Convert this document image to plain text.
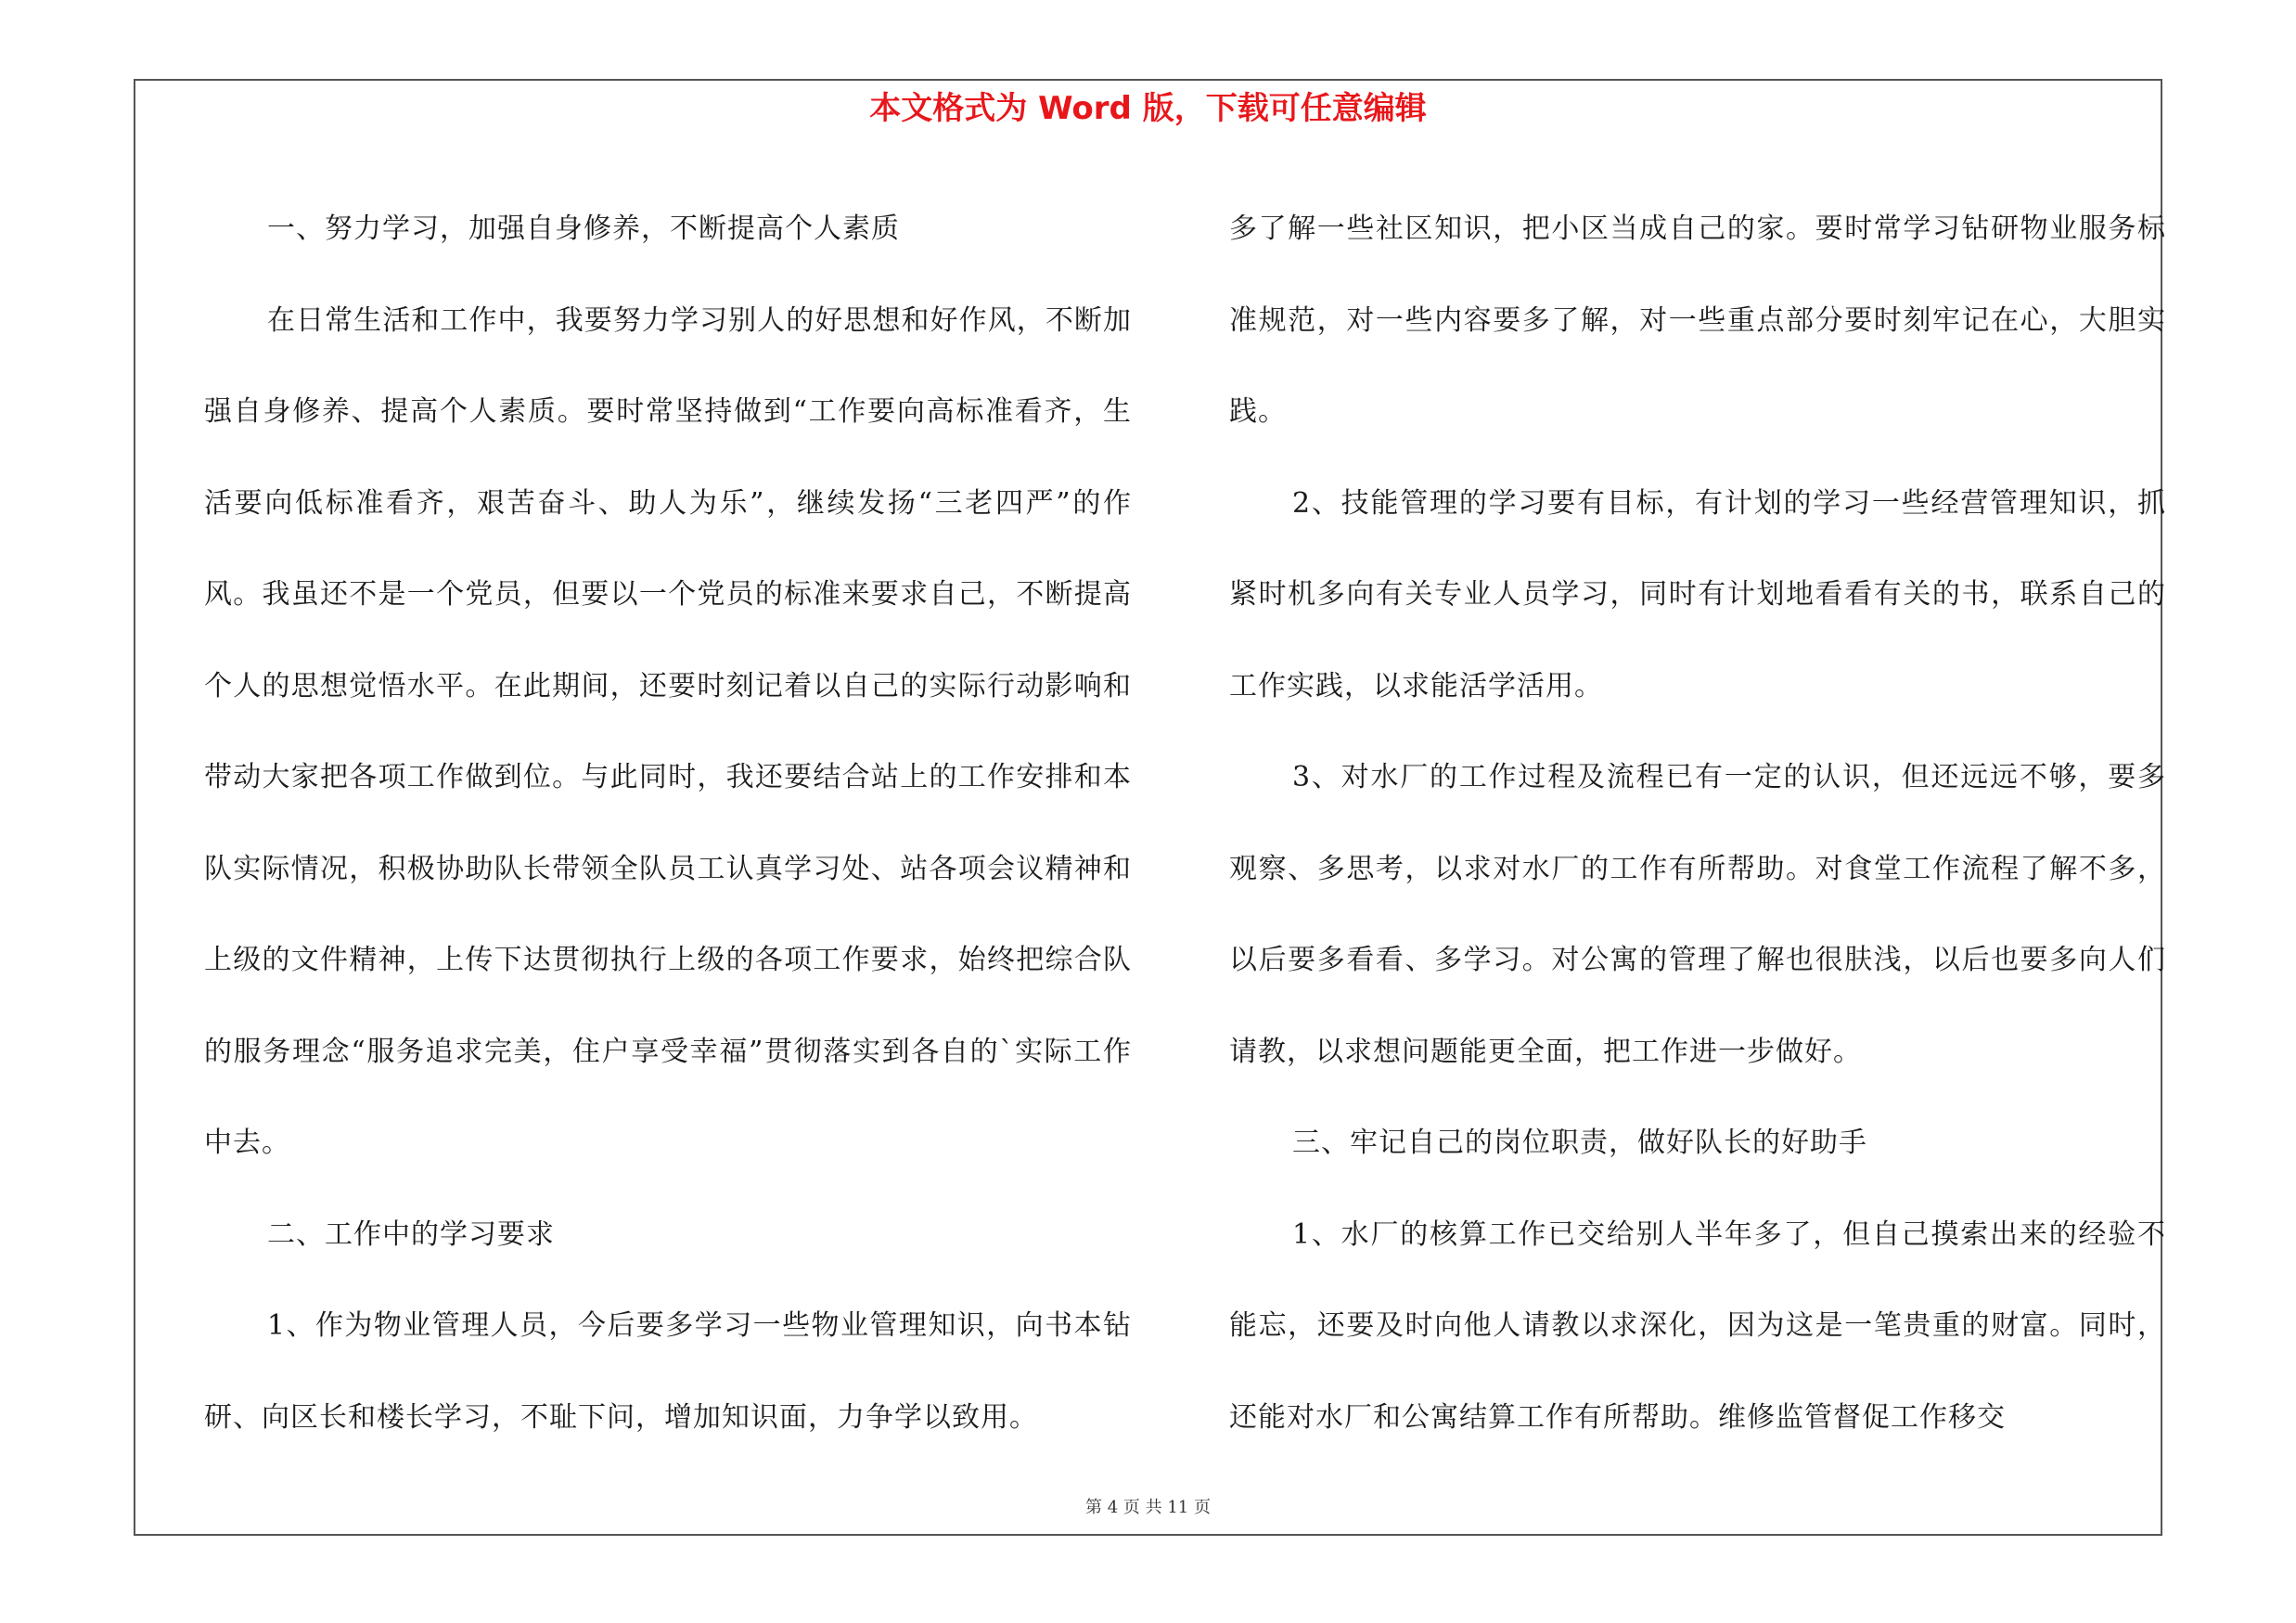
本文格式为 Word 版，下载可任意编辑

一、努力学习，加强自身修养，不断提高个人素质

在日常生活和工作中，我要努力学习别人的好思想和好作风，不断加强自身修养、提高个人素质。要时常坚持做到“工作要向高标准看齐，生活要向低标准看齐，艰苦奋斗、助人为乐”，继续发扬“三老四严”的作风。我虽还不是一个党员，但要以一个党员的标准来要求自己，不断提高个人的思想觉悟水平。在此期间，还要时刻记着以自己的实际行动影响和带动大家把各项工作做到位。与此同时，我还要结合站上的工作安排和本队实际情况，积极协助队长带领全队员工认真学习处、站各项会议精神和上级的文件精神，上传下达贯彻执行上级的各项工作要求，始终把综合队的服务理念“服务追求完美，住户享受幸福”贯彻落实到各自的`实际工作中去。

二、工作中的学习要求

1、作为物业管理人员，今后要多学习一些物业管理知识，向书本钻研、向区长和楼长学习，不耻下问，增加知识面，力争学以致用。

多了解一些社区知识，把小区当成自己的家。要时常学习钻研物业服务标准规范，对一些内容要多了解，对一些重点部分要时刻牢记在心，大胆实践。

2、技能管理的学习要有目标，有计划的学习一些经营管理知识，抓紧时机多向有关专业人员学习，同时有计划地看看有关的书，联系自己的工作实践，以求能活学活用。

3、对水厂的工作过程及流程已有一定的认识，但还远远不够，要多观察、多思考，以求对水厂的工作有所帮助。对食堂工作流程了解不多，以后要多看看、多学习。对公寓的管理了解也很肤浅，以后也要多向人们请教，以求想问题能更全面，把工作进一步做好。

三、牢记自己的岗位职责，做好队长的好助手

1、水厂的核算工作已交给别人半年多了，但自己摸索出来的经验不能忘，还要及时向他人请教以求深化，因为这是一笔贵重的财富。同时，还能对水厂和公寓结算工作有所帮助。维修监管督促工作移交

第 4 页 共 11 页
